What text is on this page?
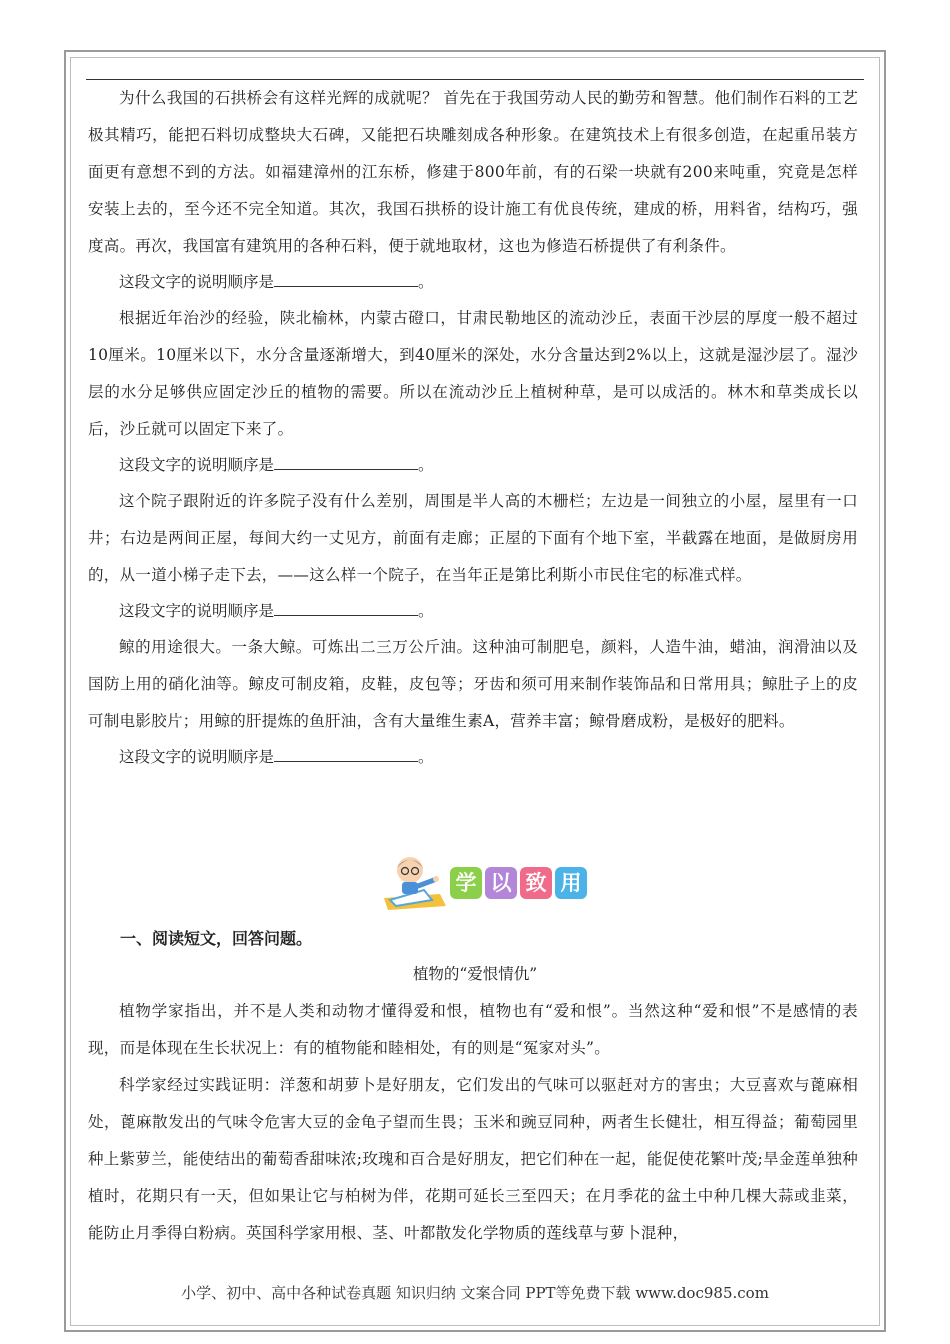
为什么我国的石拱桥会有这样光辉的成就呢？ 首先在于我国劳动人民的勤劳和智慧。他们制作石料的工艺极其精巧，能把石料切成整块大石碑，又能把石块雕刻成各种形象。在建筑技术上有很多创造，在起重吊装方面更有意想不到的方法。如福建漳州的江东桥，修建于800年前，有的石梁一块就有200来吨重，究竟是怎样安装上去的，至今还不完全知道。其次，我国石拱桥的设计施工有优良传统，建成的桥，用料省，结构巧，强度高。再次，我国富有建筑用的各种石料，便于就地取材，这也为修造石桥提供了有利条件。

这段文字的说明顺序是	。

根据近年治沙的经验，陕北榆林，内蒙古磴口，甘肃民勒地区的流动沙丘，表面干沙层的厚度一般不超过10厘米。10厘米以下，水分含量逐渐增大，到40厘米的深处，水分含量达到2%以上，这就是湿沙层了。湿沙层的水分足够供应固定沙丘的植物的需要。所以在流动沙丘上植树种草，是可以成活的。林木和草类成长以后，沙丘就可以固定下来了。

这段文字的说明顺序是	。

这个院子跟附近的许多院子没有什么差别，周围是半人高的木栅栏；左边是一间独立的小屋，屋里有一口井；右边是两间正屋，每间大约一丈见方，前面有走廊；正屋的下面有个地下室，半截露在地面，是做厨房用的，从一道小梯子走下去，——这么样一个院子，在当年正是第比利斯小市民住宅的标准式样。

这段文字的说明顺序是	。

鲸的用途很大。一条大鲸。可炼出二三万公斤油。这种油可制肥皂，颜料，人造牛油，蜡油，润滑油以及国防上用的硝化油等。鲸皮可制皮箱，皮鞋，皮包等；牙齿和须可用来制作装饰品和日常用具；鲸肚子上的皮可制电影胶片；用鲸的肝提炼的鱼肝油，含有大量维生素A，营养丰富；鲸骨磨成粉，是极好的肥料。

这段文字的说明顺序是	。

学 以 致 用
一、阅读短文，回答问题。
植物的“爱恨情仇”

植物学家指出，并不是人类和动物才懂得爱和恨，植物也有“爱和恨”。当然这种“爱和恨”不是感情的表现，而是体现在生长状况上：有的植物能和睦相处，有的则是“冤家对头”。

科学家经过实践证明：洋葱和胡萝卜是好朋友，它们发出的气味可以驱赶对方的害虫；大豆喜欢与蓖麻相处，蓖麻散发出的气味令危害大豆的金龟子望而生畏；玉米和豌豆同种，两者生长健壮，相互得益；葡萄园里种上紫萝兰，能使结出的葡萄香甜味浓;玫瑰和百合是好朋友，把它们种在一起，能促使花繁叶茂;旱金莲单独种植时，花期只有一天，但如果让它与柏树为伴，花期可延长三至四天；在月季花的盆土中种几棵大蒜或韭菜，能防止月季得白粉病。英国科学家用根、茎、叶都散发化学物质的莲线草与萝卜混种，

小学、初中、高中各种试卷真题 知识归纳 文案合同 PPT等免费下载 www.doc985.com
